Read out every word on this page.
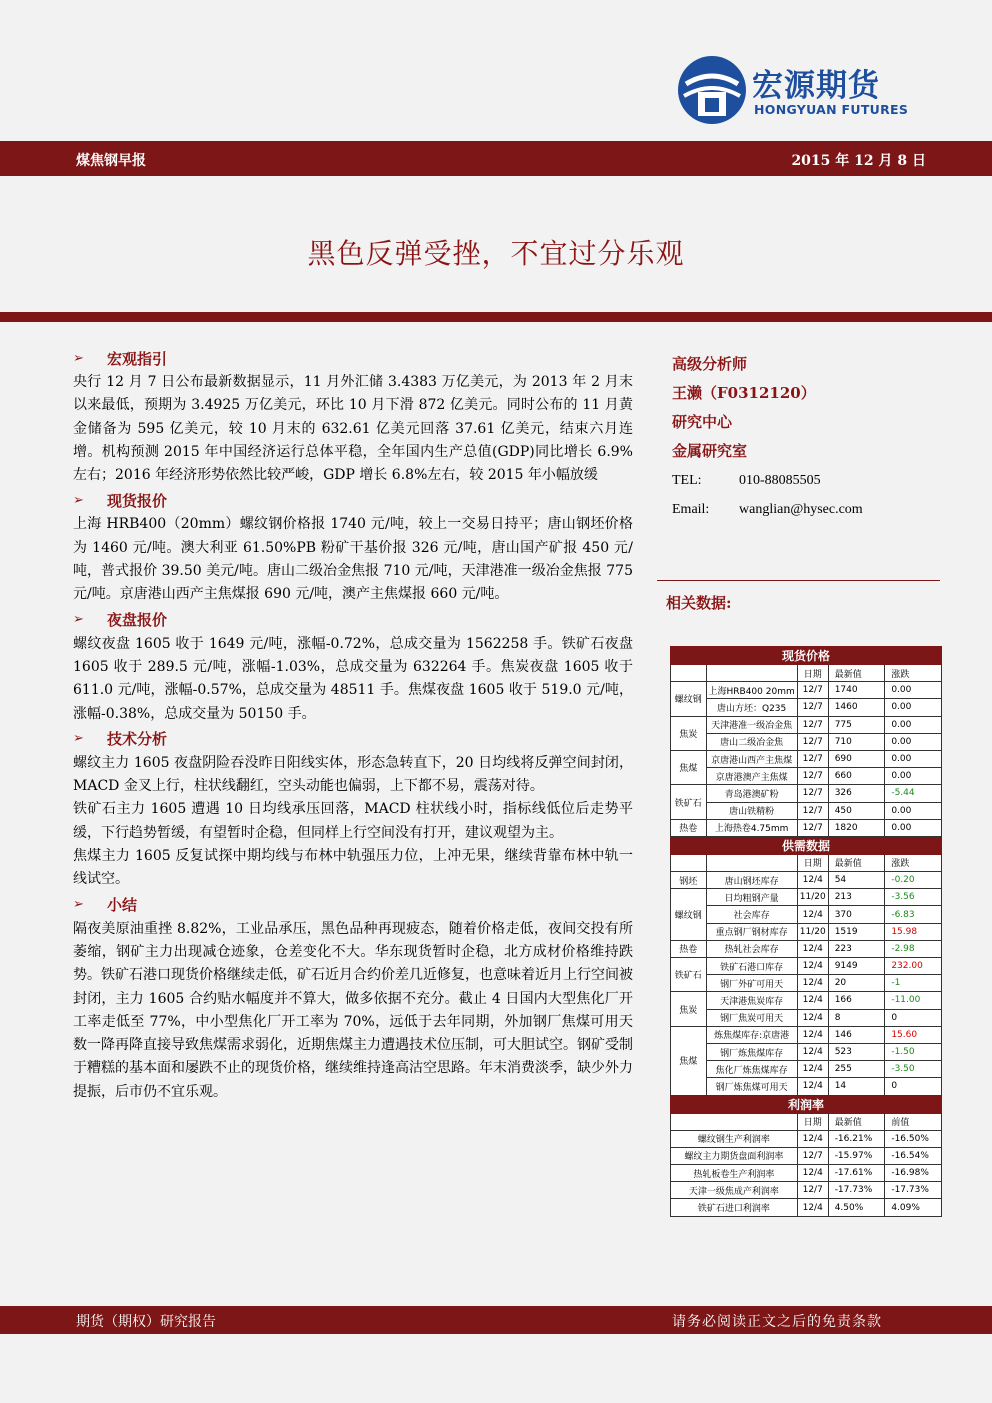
宏源期货
HONGYUAN FUTURES
煤焦钢早报	2015 年 12 月 8 日
黑色反弹受挫，不宜过分乐观
➢	宏观指引
央行 12 月 7 日公布最新数据显示，11 月外汇储 3.4383 万亿美元，为 2013 年 2 月末以来最低，预期为 3.4925 万亿美元，环比 10 月下滑 872 亿美元。同时公布的 11 月黄金储备为 595 亿美元，较 10 月末的 632.61 亿美元回落 37.61 亿美元，结束六月连增。机构预测 2015 年中国经济运行总体平稳，全年国内生产总值(GDP)同比增长 6.9%左右；2016 年经济形势依然比较严峻，GDP 增长 6.8%左右，较 2015 年小幅放缓
➢	现货报价
上海 HRB400（20mm）螺纹钢价格报 1740 元/吨，较上一交易日持平；唐山钢坯价格为 1460 元/吨。澳大利亚 61.50%PB 粉矿干基价报 326 元/吨，唐山国产矿报 450 元/吨，普式报价 39.50 美元/吨。唐山二级冶金焦报 710 元/吨，天津港准一级冶金焦报 775 元/吨。京唐港山西产主焦煤报 690 元/吨，澳产主焦煤报 660 元/吨。
➢	夜盘报价
螺纹夜盘 1605 收于 1649 元/吨，涨幅-0.72%，总成交量为 1562258 手。铁矿石夜盘 1605 收于 289.5 元/吨，涨幅-1.03%，总成交量为 632264 手。焦炭夜盘 1605 收于 611.0 元/吨，涨幅-0.57%，总成交量为 48511 手。焦煤夜盘 1605 收于 519.0 元/吨，涨幅-0.38%，总成交量为 50150 手。
➢	技术分析
螺纹主力 1605 夜盘阴险吞没昨日阳线实体，形态急转直下，20 日均线将反弹空间封闭，MACD 金叉上行，柱状线翻红，空头动能也偏弱，上下都不易，震荡对待。
铁矿石主力 1605 遭遇 10 日均线承压回落，MACD 柱状线小时，指标线低位后走势平缓，下行趋势暂缓，有望暂时企稳，但同样上行空间没有打开，建议观望为主。
焦煤主力 1605 反复试探中期均线与布林中轨强压力位，上冲无果，继续背靠布林中轨一线试空。
➢	小结
隔夜美原油重挫 8.82%，工业品承压，黑色品种再现疲态，随着价格走低，夜间交投有所萎缩，钢矿主力出现减仓迹象，仓差变化不大。华东现货暂时企稳，北方成材价格维持跌势。铁矿石港口现货价格继续走低，矿石近月合约价差几近修复，也意味着近月上行空间被封闭，主力 1605 合约贴水幅度并不算大，做多依据不充分。截止 4 日国内大型焦化厂开工率走低至 77%，中小型焦化厂开工率为 70%，远低于去年同期，外加钢厂焦煤可用天数一降再降直接导致焦煤需求弱化，近期焦煤主力遭遇技术位压制，可大胆试空。钢矿受制于糟糕的基本面和屡跌不止的现货价格，继续维持逢高沽空思路。年末消费淡季，缺少外力提振，后市仍不宜乐观。
高级分析师
王濑（F0312120）
研究中心
金属研究室
TEL:	010-88085505
Email: wanglian@hysec.com
相关数据:
现货价格				
		日期	最新值	涨跌
螺纹钢	上海HRB400 20mm	12/7	1740	0.00
	唐山方坯：Q235	12/7	1460	0.00
焦炭	天津港准一级冶金焦	12/7	775	0.00
	唐山二级冶金焦	12/7	710	0.00
焦煤	京唐港山西产主焦煤	12/7	690	0.00
	京唐港澳产主焦煤	12/7	660	0.00
铁矿石	青岛港澳矿粉	12/7	326	-5.44
	唐山铁精粉	12/7	450	0.00
热卷	上海热卷4.75mm	12/7	1820	0.00
供需数据				
		日期	最新值	涨跌
钢坯	唐山钢坯库存	12/4	54	-0.20
螺纹钢	日均粗钢产量	11/20	213	-3.56
	社会库存	12/4	370	-6.83
	重点钢厂钢材库存	11/20	1519	15.98
热卷	热轧社会库存	12/4	223	-2.98
铁矿石	铁矿石港口库存	12/4	9149	232.00
	钢厂外矿可用天	12/4	20	-1
焦炭	天津港焦炭库存	12/4	166	-11.00
	钢厂焦炭可用天	12/4	8	0
焦煤	炼焦煤库存:京唐港	12/4	146	15.60
	钢厂炼焦煤库存	12/4	523	-1.50
	焦化厂炼焦煤库存	12/4	255	-3.50
	钢厂炼焦煤可用天	12/4	14	0
利润率				
		日期	最新值	前值
螺纹钢生产利润率		12/4	-16.21%	-16.50%
螺纹主力期货盘面利润率		12/7	-15.97%	-16.54%
热轧板卷生产利润率		12/4	-17.61%	-16.98%
天津一级焦成产利润率		12/7	-17.73%	-17.73%
铁矿石进口利润率		12/4	4.50%	4.09%
期货（期权）研究报告	请务必阅读正文之后的免责条款
